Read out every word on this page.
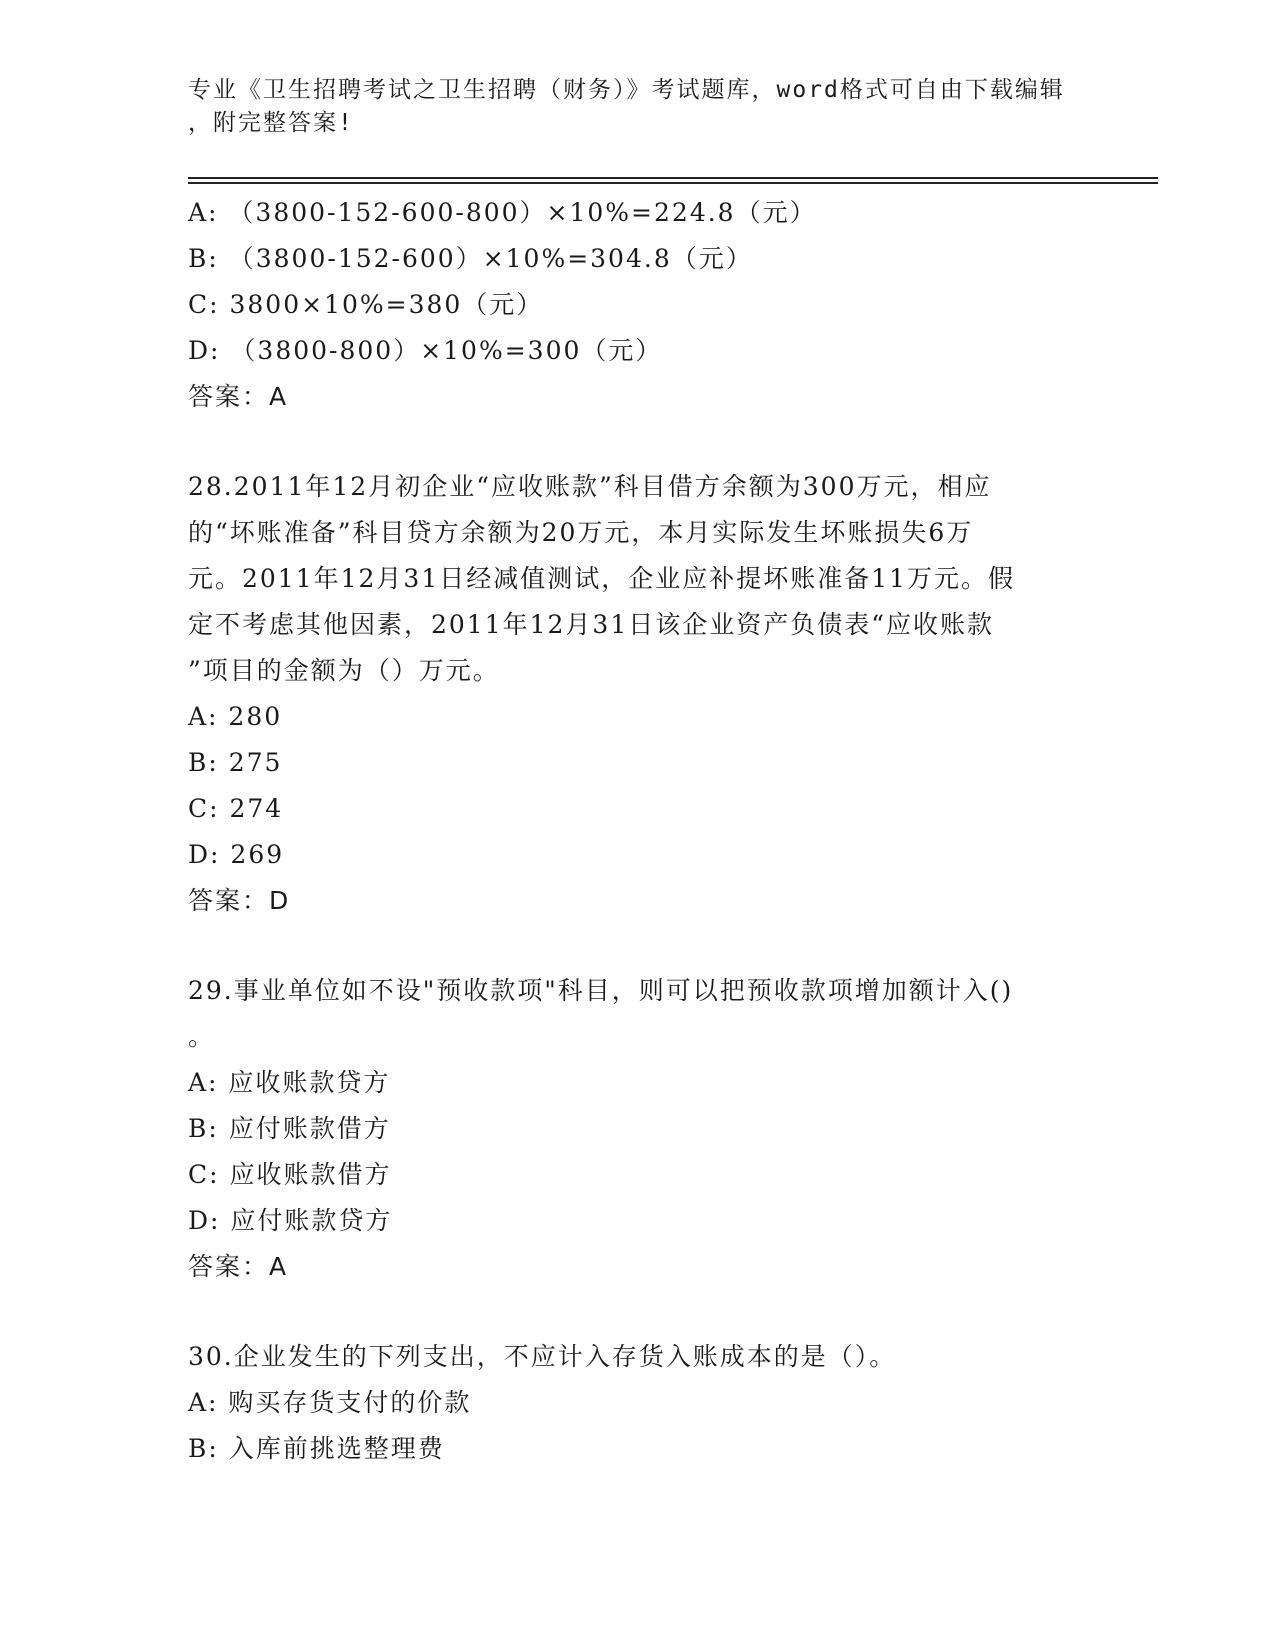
专业《卫生招聘考试之卫生招聘（财务）》考试题库，word格式可自由下载编辑
，附完整答案!
A: （3800-152-600-800）×10%=224.8（元）
B: （3800-152-600）×10%=304.8（元）
C: 3800×10%=380（元）
D: （3800-800）×10%=300（元）
答案：A
28.2011年12月初企业“应收账款”科目借方余额为300万元，相应
的“坏账准备”科目贷方余额为20万元，本月实际发生坏账损失6万
元。2011年12月31日经减值测试，企业应补提坏账准备11万元。假
定不考虑其他因素，2011年12月31日该企业资产负债表“应收账款
”项目的金额为（）万元。
A: 280
B: 275
C: 274
D: 269
答案：D
29.事业单位如不设"预收款项"科目，则可以把预收款项增加额计入()
。
A: 应收账款贷方
B: 应付账款借方
C: 应收账款借方
D: 应付账款贷方
答案：A
30.企业发生的下列支出，不应计入存货入账成本的是（）。
A: 购买存货支付的价款
B: 入库前挑选整理费
